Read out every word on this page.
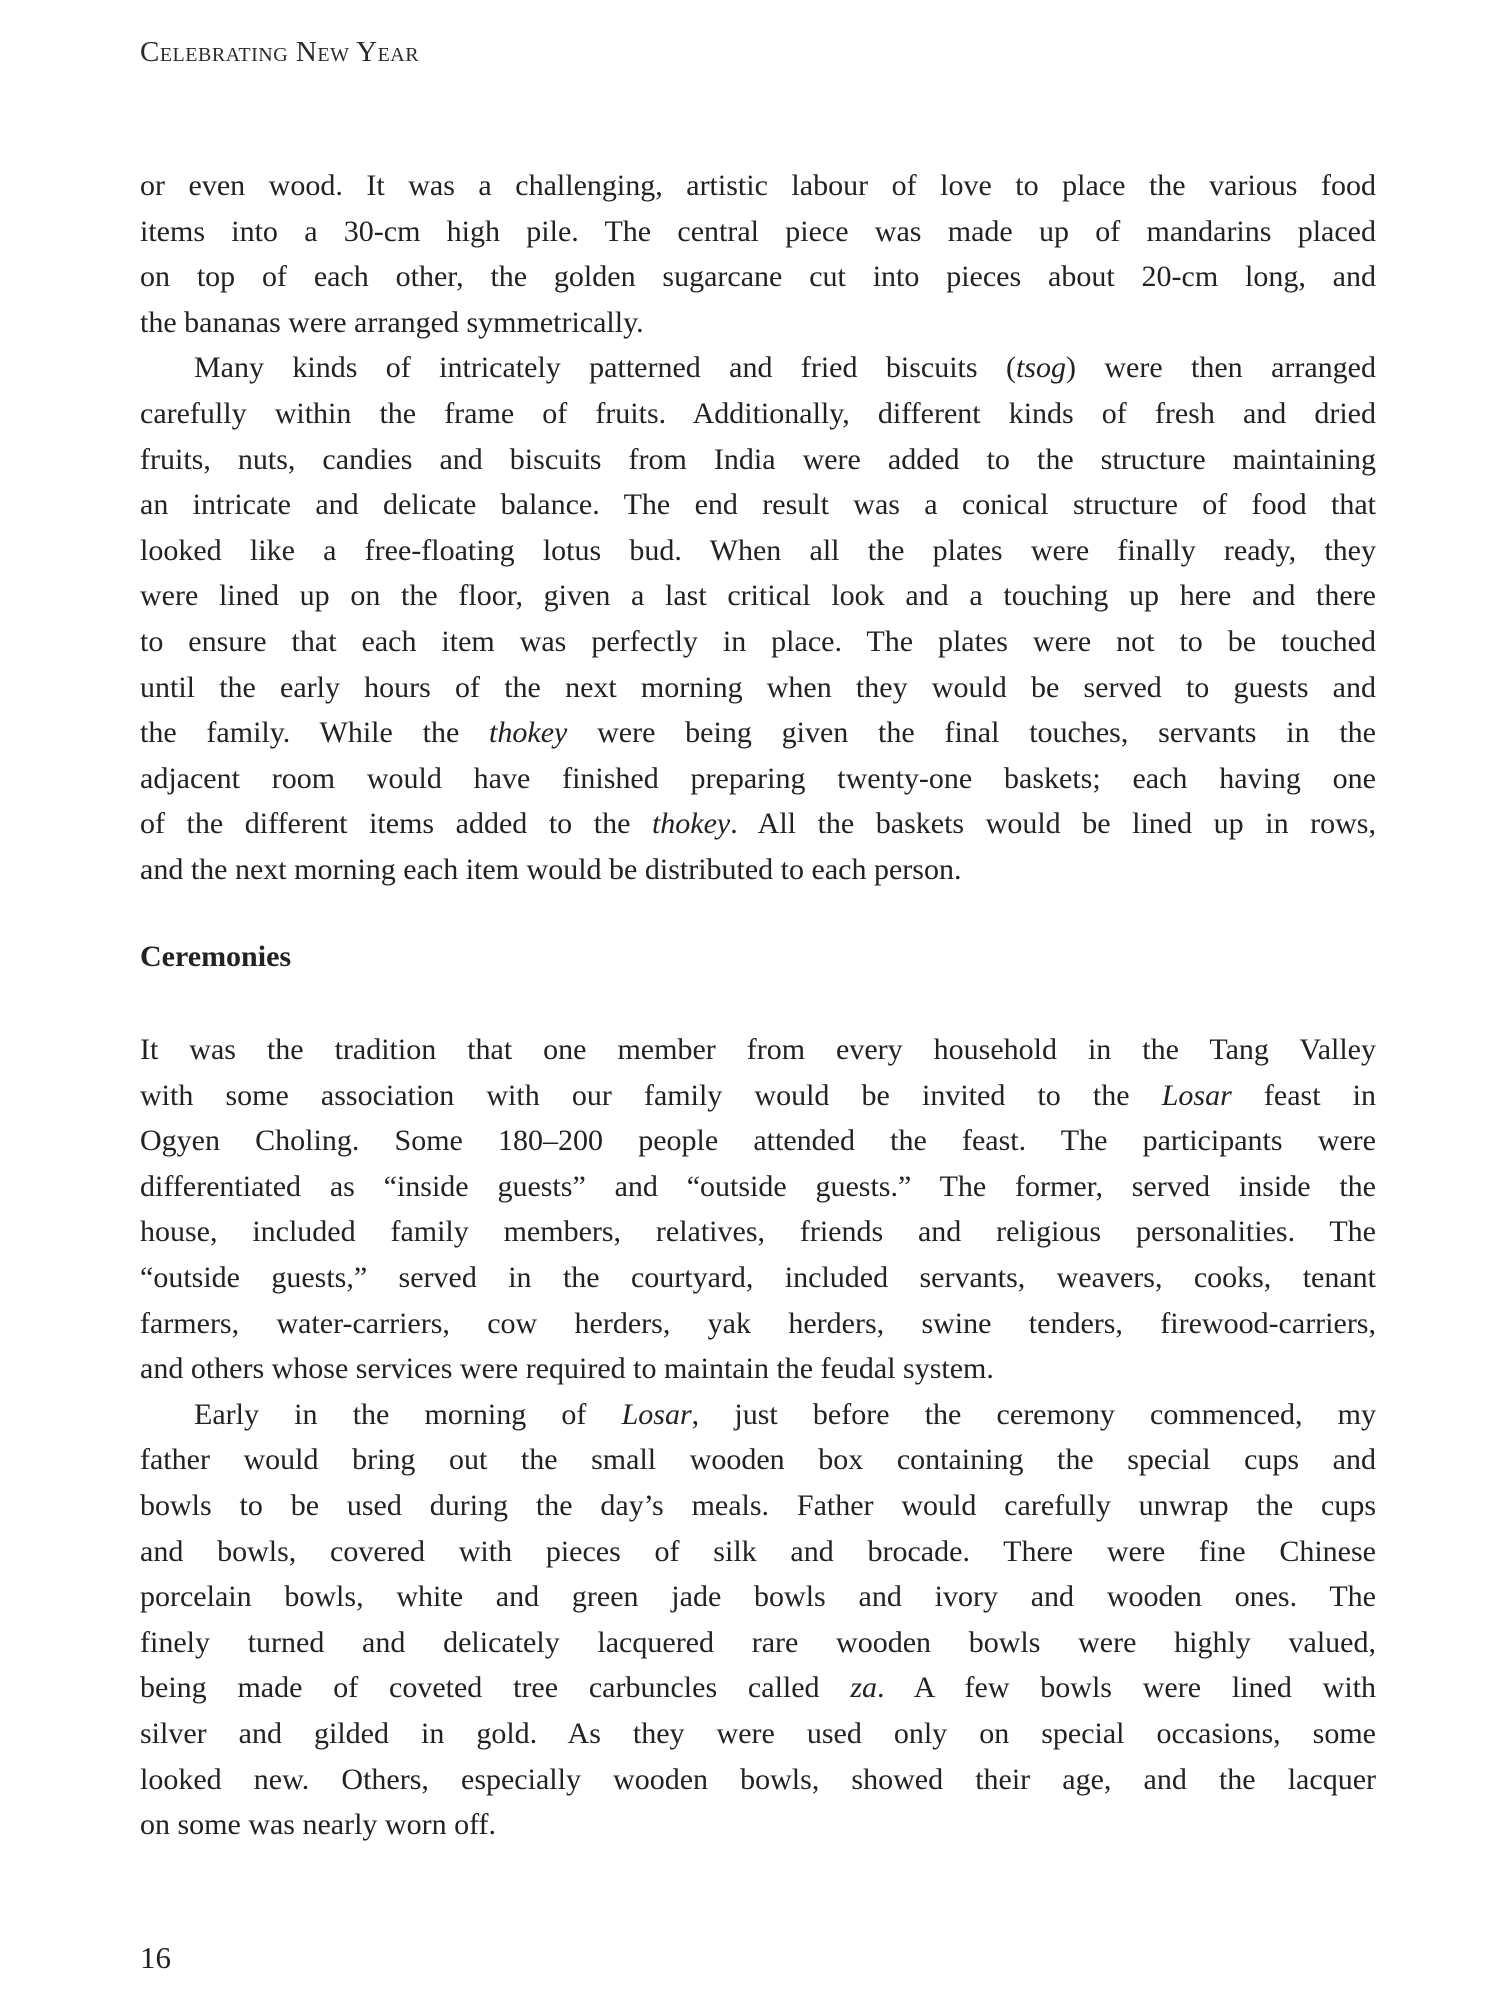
Celebrating New Year
or even wood. It was a challenging, artistic labour of love to place the various food
items into a 30-cm high pile. The central piece was made up of mandarins placed
on top of each other, the golden sugarcane cut into pieces about 20-cm long, and
the bananas were arranged symmetrically.
Many kinds of intricately patterned and fried biscuits (tsog) were then arranged
carefully within the frame of fruits. Additionally, different kinds of fresh and dried
fruits, nuts, candies and biscuits from India were added to the structure maintaining
an intricate and delicate balance. The end result was a conical structure of food that
looked like a free-floating lotus bud. When all the plates were finally ready, they
were lined up on the floor, given a last critical look and a touching up here and there
to ensure that each item was perfectly in place. The plates were not to be touched
until the early hours of the next morning when they would be served to guests and
the family. While the thokey were being given the final touches, servants in the
adjacent room would have finished preparing twenty-one baskets; each having one
of the different items added to the thokey. All the baskets would be lined up in rows,
and the next morning each item would be distributed to each person.
Ceremonies
It was the tradition that one member from every household in the Tang Valley
with some association with our family would be invited to the Losar feast in
Ogyen Choling. Some 180–200 people attended the feast. The participants were
differentiated as “inside guests” and “outside guests.” The former, served inside the
house, included family members, relatives, friends and religious personalities. The
“outside guests,” served in the courtyard, included servants, weavers, cooks, tenant
farmers, water-carriers, cow herders, yak herders, swine tenders, firewood-carriers,
and others whose services were required to maintain the feudal system.
Early in the morning of Losar, just before the ceremony commenced, my
father would bring out the small wooden box containing the special cups and
bowls to be used during the day’s meals. Father would carefully unwrap the cups
and bowls, covered with pieces of silk and brocade. There were fine Chinese
porcelain bowls, white and green jade bowls and ivory and wooden ones. The
finely turned and delicately lacquered rare wooden bowls were highly valued,
being made of coveted tree carbuncles called za. A few bowls were lined with
silver and gilded in gold. As they were used only on special occasions, some
looked new. Others, especially wooden bowls, showed their age, and the lacquer
on some was nearly worn off.
16
